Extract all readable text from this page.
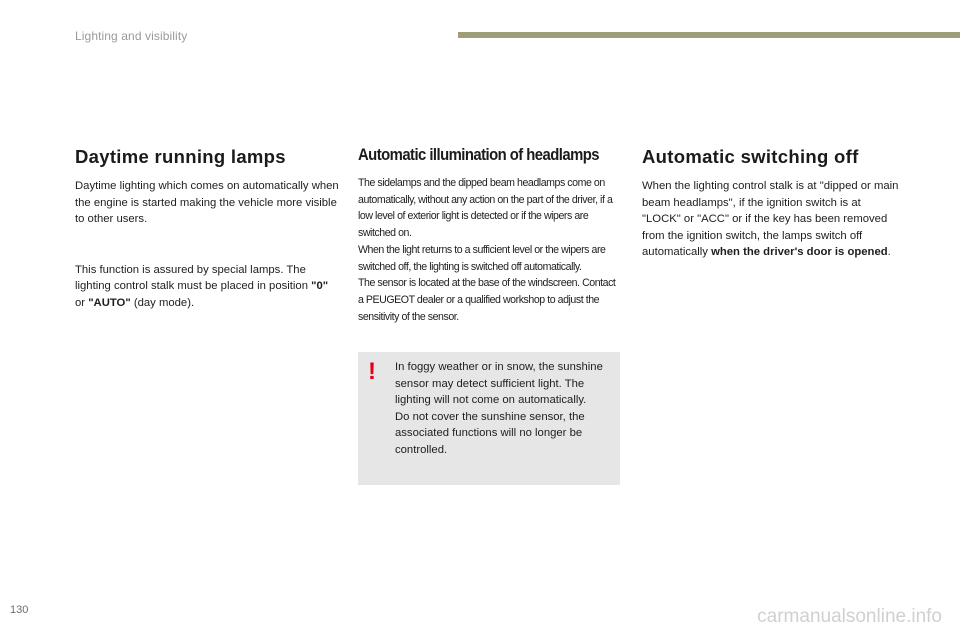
Lighting and visibility
Daytime running lamps

Daytime lighting which comes on automatically when the engine is started making the vehicle more visible to other users.

This function is assured by special lamps. The lighting control stalk must be placed in position "0" or "AUTO" (day mode).

Automatic illumination of headlamps

The sidelamps and the dipped beam headlamps come on automatically, without any action on the part of the driver, if a low level of exterior light is detected or if the wipers are switched on.

When the light returns to a sufficient level or the wipers are switched off, the lighting is switched off automatically.

The sensor is located at the base of the windscreen. Contact a PEUGEOT dealer or a qualified workshop to adjust the sensitivity of the sensor.

! In foggy weather or in snow, the sunshine sensor may detect sufficient light. The lighting will not come on automatically.

Do not cover the sunshine sensor, the associated functions will no longer be controlled.

Automatic switching off

When the lighting control stalk is at "dipped or main beam headlamps", if the ignition switch is at "LOCK" or "ACC" or if the key has been removed from the ignition switch, the lamps switch off automatically when the driver's door is opened.

130	carmanualsonline.info
